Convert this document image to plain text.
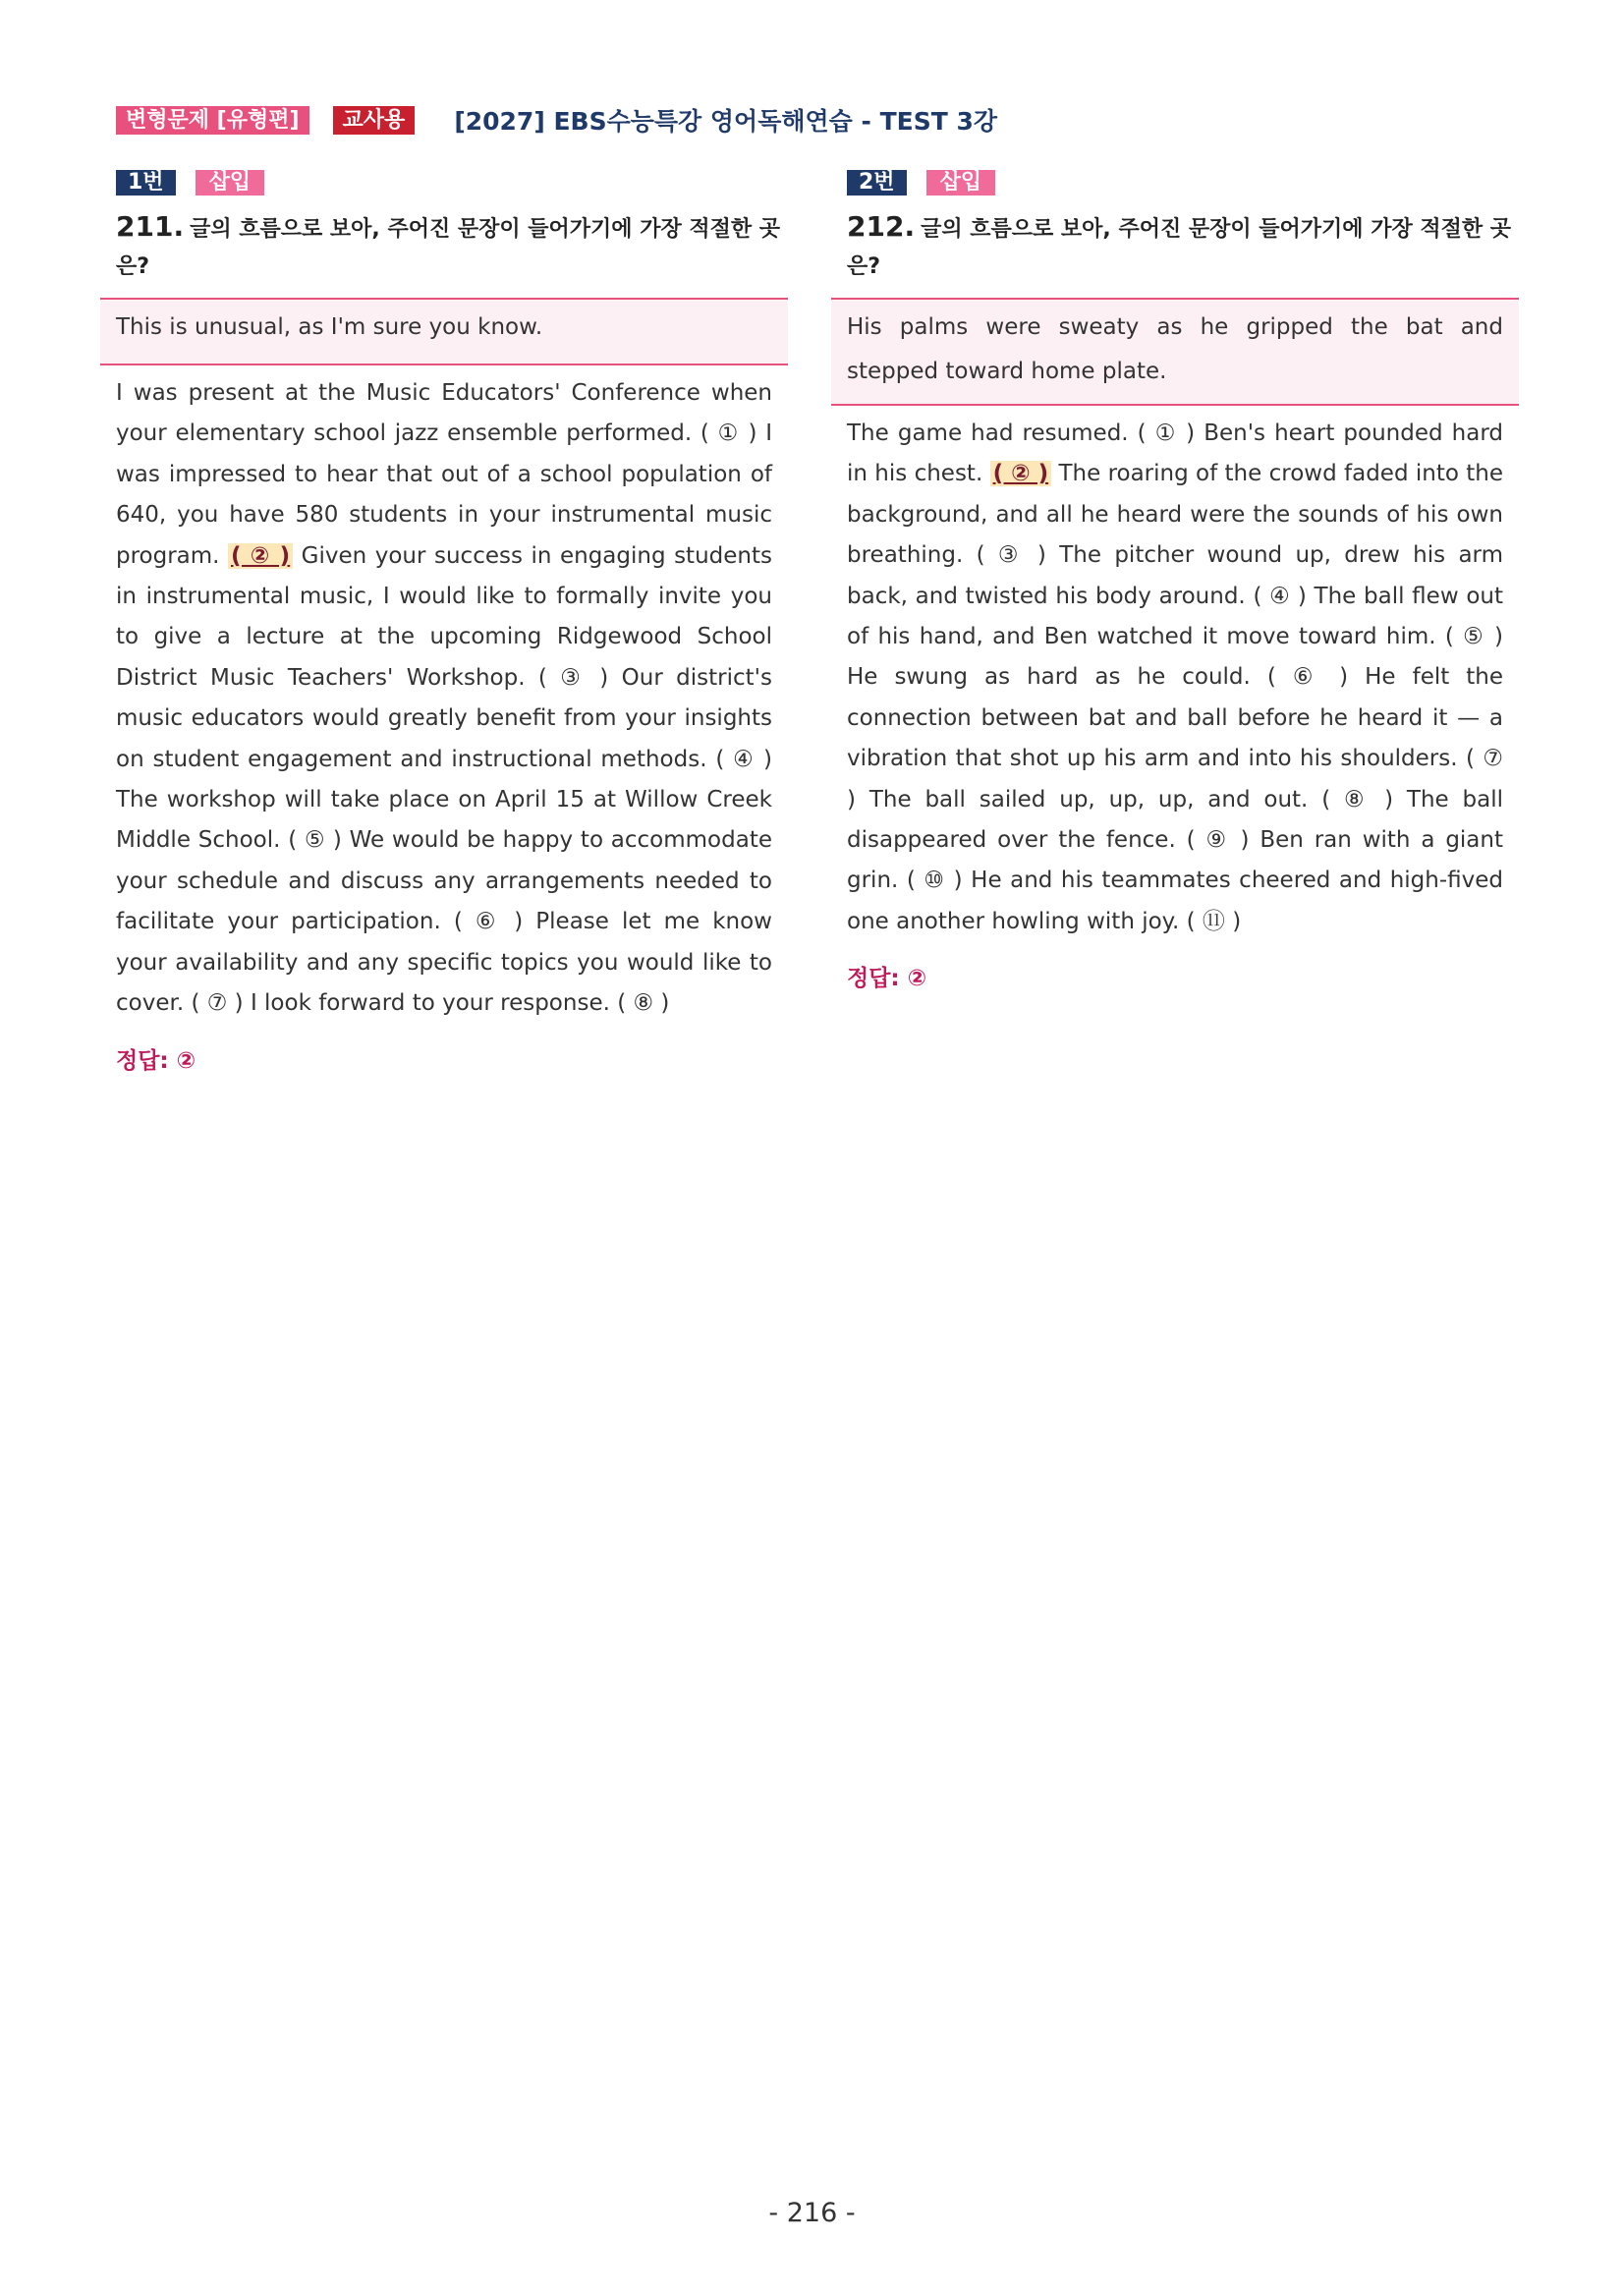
변형문제 [유형편]	교사용	[2027] EBS수능특강 영어독해연습 - TEST 3강
1번	삽입
211. 글의 흐름으로 보아, 주어진 문장이 들어가기에 가장 적절한 곳은?
This is unusual, as I'm sure you know.
I was present at the Music Educators' Conference when your elementary school jazz ensemble performed. ( ① ) I was impressed to hear that out of a school population of 640, you have 580 students in your instrumental music program. ( ② ) Given your success in engaging students in instrumental music, I would like to formally invite you to give a lecture at the upcoming Ridgewood School District Music Teachers' Workshop. ( ③ ) Our district's music educators would greatly benefit from your insights on student engagement and instructional methods. ( ④ ) The workshop will take place on April 15 at Willow Creek Middle School. ( ⑤ ) We would be happy to accommodate your schedule and discuss any arrangements needed to facilitate your participation. ( ⑥ ) Please let me know your availability and any specific topics you would like to cover. ( ⑦ ) I look forward to your response. ( ⑧ )
정답: ②
2번	삽입
212. 글의 흐름으로 보아, 주어진 문장이 들어가기에 가장 적절한 곳은?
His palms were sweaty as he gripped the bat and stepped toward home plate.
The game had resumed. ( ① ) Ben's heart pounded hard in his chest. ( ② ) The roaring of the crowd faded into the background, and all he heard were the sounds of his own breathing. ( ③ ) The pitcher wound up, drew his arm back, and twisted his body around. ( ④ ) The ball flew out of his hand, and Ben watched it move toward him. ( ⑤ ) He swung as hard as he could. ( ⑥ ) He felt the connection between bat and ball before he heard it — a vibration that shot up his arm and into his shoulders. ( ⑦ ) The ball sailed up, up, up, and out. ( ⑧ ) The ball disappeared over the fence. ( ⑨ ) Ben ran with a giant grin. ( ⑩ ) He and his teammates cheered and high-fived one another howling with joy. ( ⑪ )
정답: ②
- 216 -
